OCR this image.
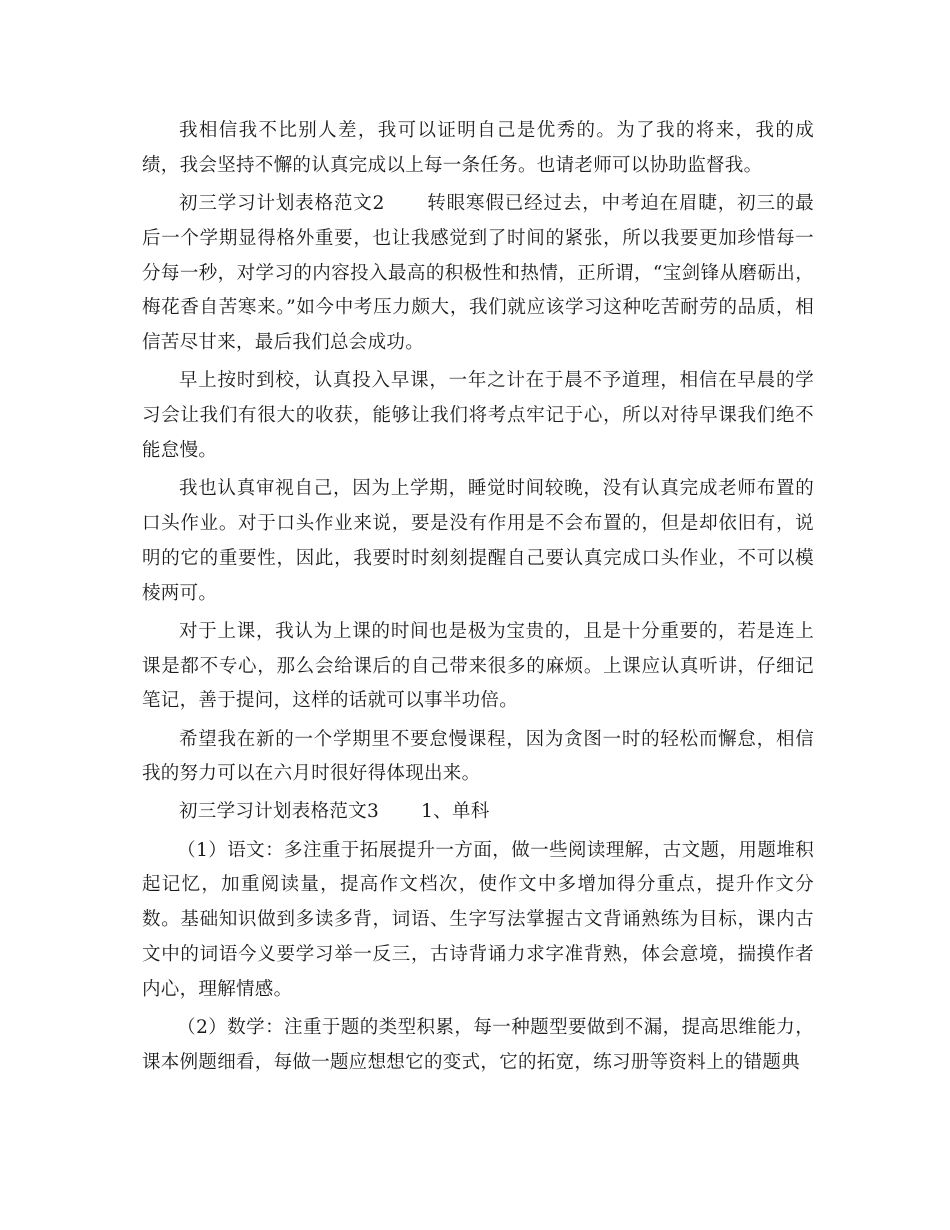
我相信我不比别人差，我可以证明自己是优秀的。为了我的将来，我的成绩，我会坚持不懈的认真完成以上每一条任务。也请老师可以协助监督我。

初三学习计划表格范文2 转眼寒假已经过去，中考迫在眉睫，初三的最后一个学期显得格外重要，也让我感觉到了时间的紧张，所以我要更加珍惜每一分每一秒，对学习的内容投入最高的积极性和热情，正所谓，“宝剑锋从磨砺出，梅花香自苦寒来。”如今中考压力颇大，我们就应该学习这种吃苦耐劳的品质，相信苦尽甘来，最后我们总会成功。

早上按时到校，认真投入早课，一年之计在于晨不予道理，相信在早晨的学习会让我们有很大的收获，能够让我们将考点牢记于心，所以对待早课我们绝不能怠慢。

我也认真审视自己，因为上学期，睡觉时间较晚，没有认真完成老师布置的口头作业。对于口头作业来说，要是没有作用是不会布置的，但是却依旧有，说明的它的重要性，因此，我要时时刻刻提醒自己要认真完成口头作业，不可以模棱两可。

对于上课，我认为上课的时间也是极为宝贵的，且是十分重要的，若是连上课是都不专心，那么会给课后的自己带来很多的麻烦。上课应认真听讲，仔细记笔记，善于提问，这样的话就可以事半功倍。

希望我在新的一个学期里不要怠慢课程，因为贪图一时的轻松而懈怠，相信我的努力可以在六月时很好得体现出来。

初三学习计划表格范文3 1、单科

（1）语文：多注重于拓展提升一方面，做一些阅读理解，古文题，用题堆积起记忆，加重阅读量，提高作文档次，使作文中多增加得分重点，提升作文分数。基础知识做到多读多背，词语、生字写法掌握古文背诵熟练为目标，课内古文中的词语今义要学习举一反三，古诗背诵力求字准背熟，体会意境，揣摸作者内心，理解情感。

（2）数学：注重于题的类型积累，每一种题型要做到不漏，提高思维能力，课本例题细看，每做一题应想想它的变式，它的拓宽，练习册等资料上的错题典
